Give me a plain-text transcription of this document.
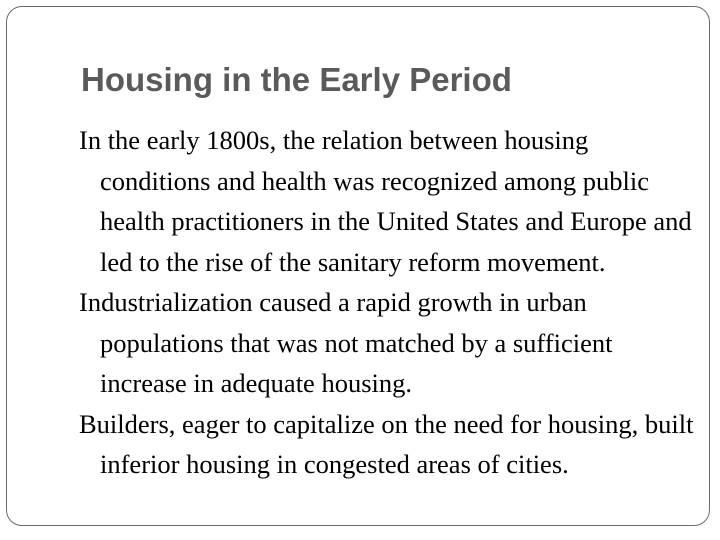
Housing in the Early Period

In the early 1800s, the relation between housing conditions and health was recognized among public health practitioners in the United States and Europe and led to the rise of the sanitary reform movement.

Industrialization caused a rapid growth in urban populations that was not matched by a sufficient increase in adequate housing.

Builders, eager to capitalize on the need for housing, built inferior housing in congested areas of cities.
